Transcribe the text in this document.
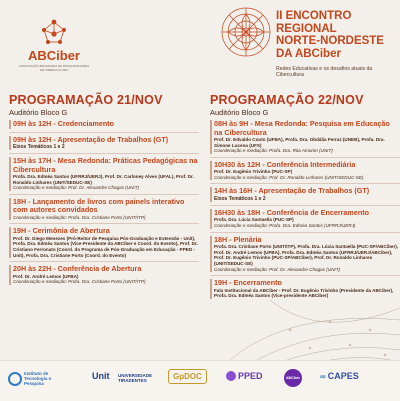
ABCiber
ASSOCIAÇÃO BRASILEIRA DE PESQUISADORES EM CIBERCULTURA
II ENCONTRO
REGIONAL
NORTE-NORDESTE
DA ABCiber
Redes Educativas e os desafios atuais da Cibercultura
PROGRAMAÇÃO 21/NOV
Auditório Bloco G
09H às 12H - Credenciamento
09H às 12H - Apresentação de Trabalhos (GT)
Eixos Temáticos 1 e 2
15H às 17H - Mesa Redonda: Práticas Pedagógicas na Cibercultura
Profa. Dra. Edméa Santos (UFRRJ/UERJ), Prof. Dr. Carloney Alves (UFAL), Prof. Dr. Ronaldo Linhares (UNIT/SEDUC-SE)
Coordenação e mediação: Prof. Dr. Alexandre Chagas (UNIT)
18H - Lançamento de livros com painels interativo com autores convidados
Coordenação e mediação: Profa. Dra. Cristiane Porto (UNIT/ITP)
19H - Cerimônia de Abertura
Prof. Dr. Diego Menezes (Pró-Reitor de Pesquisa Pós-Graduação e Extensão - Unit), Profa. Dra. Edméa Santos (Vice-Presidente da ABCiber e Coord. do Evento), Prof. Dr. Cristiano Ferronato (Coord. do Programa de Pós-Graduação em Educação - PPED - Unit), Profa. Dra. Cristiane Porto (Coord. do Evento)
20H às 22H - Conferência de Abertura
Prof. Dr. André Lemos (UFBA)
Coordenação e mediação: Profa. Dra. Cristiane Porto (UNIT/ITP)
PROGRAMAÇÃO 22/NOV
Auditório Bloco G
08H às 9H - Mesa Redonda: Pesquisa em Educação na Cibercultura
Prof. Dr. Edvaldo Couto (UFBA), Profa. Dra. Obdália Ferraz (UNEB), Profa. Dra. Simone Lucena (UFS)
Coordenação e mediação: Profa. Dra. Rita Amorim (UNIT)
10H30 às 12H - Conferência Intermediária
Prof. Dr. Eugênio Trivinho (PUC-SP)
Coordenação e mediação: Prof. Dr. Ronaldo Linhares (UNIT/SEDUC-SE)
14H às 16H - Apresentação de Trabalhos (GT)
Eixos Temáticos 1 e 2
16H30 às 18H - Conferência de Encerramento
Profa. Dra. Lúcia Santaella (PUC-SP)
Coordenação e mediação: Profa. Dra. Edméa Santos (UFRRJ/UERJ)
18H - Plenária
Profa. Dra. Cristiane Porto (UNIT/ITP), Profa. Dra. Lúcia Santaella (PUC-SP/ABCiber), Prof. Dr. André Lemos (UFBA), Profa. Dra. Edméa Santos (UFRRJ/UERJ/ABCiber), Prof. Dr. Eugênio Trivinho (PUC-SP/ABCiber), Prof. Dr. Ronaldo Linhares (UNIT/SEDUC-SE)
Coordenação e mediação: Prof. Dr. Alexandre Chagas (UNIT)
19H - Encerramento
Fala Institucional da ABCiber - Prof. Dr. Eugênio Trivinho (Presidente da ABCiber), Profa. Dra. Edméa Santos (Vice-presidente ABCiber)
Instituto de Tecnologia e Pesquisa
Unit UNIVERSIDADE TIRADENTES	GpDOC	PPED	ABCiber	∞ CAPES
